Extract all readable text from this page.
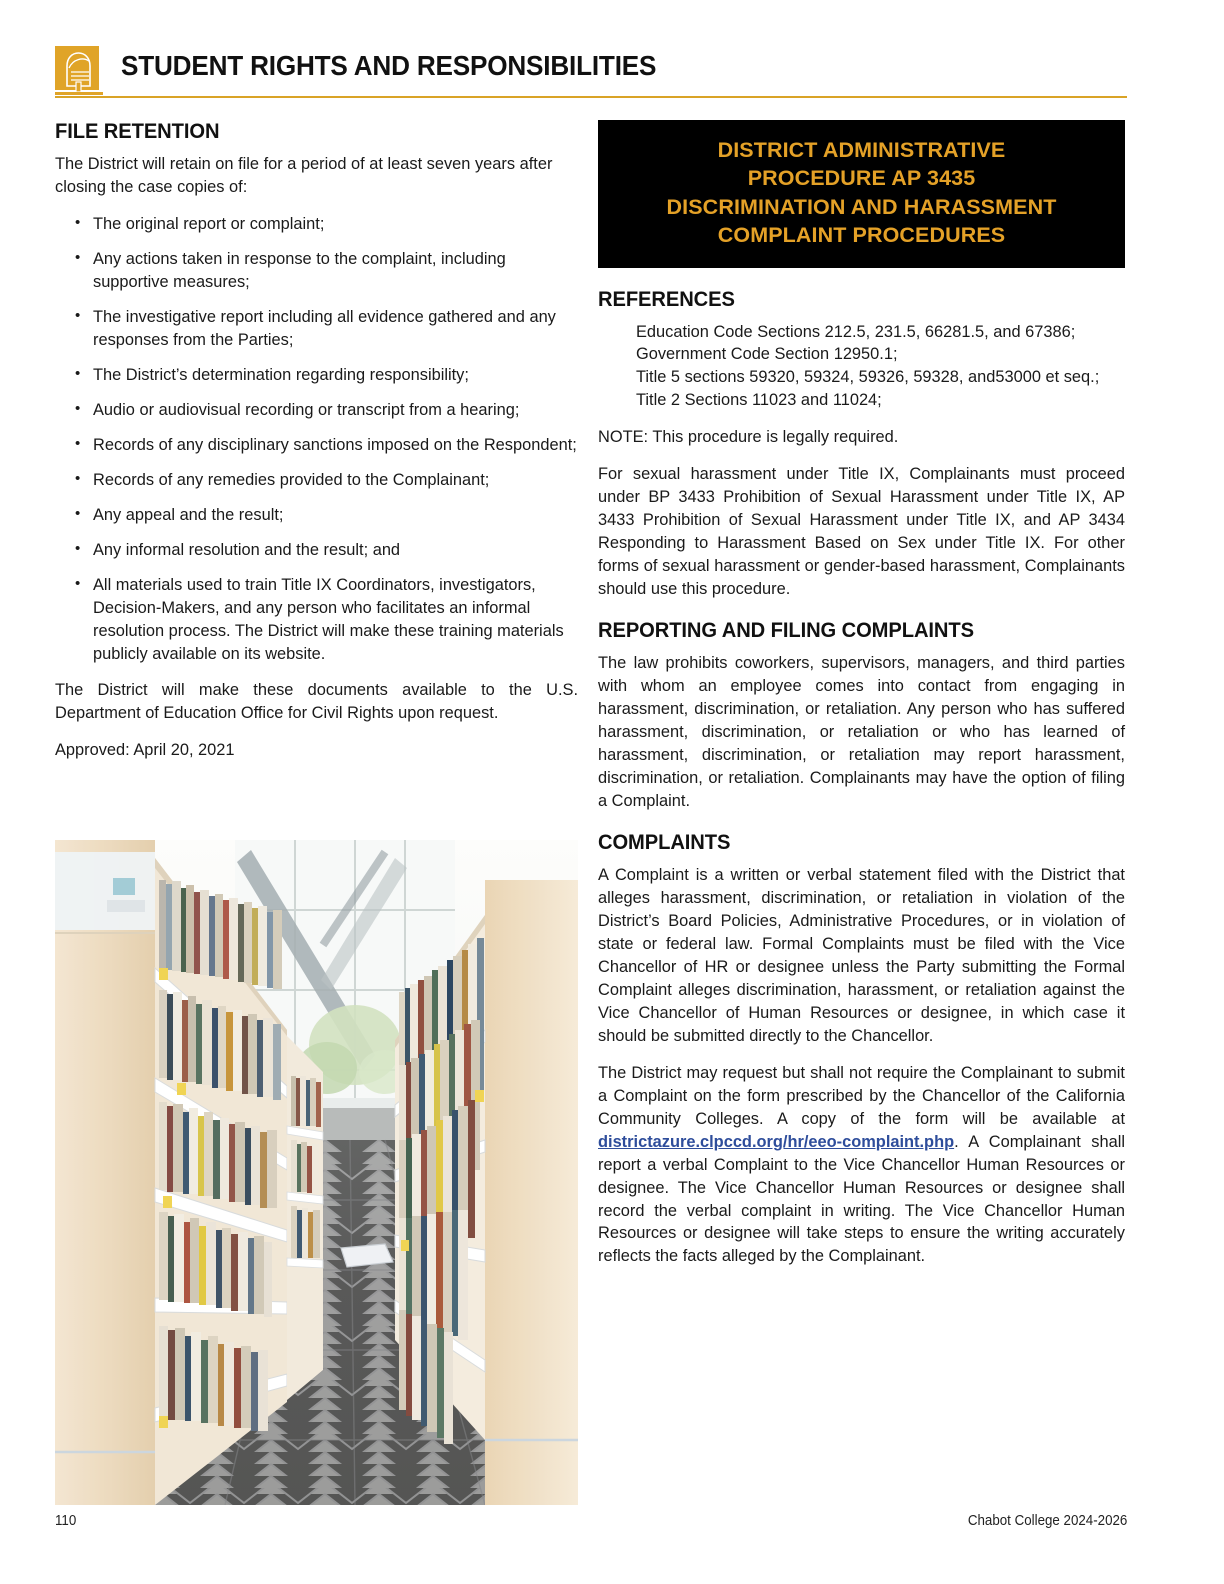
STUDENT RIGHTS AND RESPONSIBILITIES
FILE RETENTION

The District will retain on file for a period of at least seven years after closing the case copies of:

• The original report or complaint;
• Any actions taken in response to the complaint, including supportive measures;
• The investigative report including all evidence gathered and any responses from the Parties;
• The District’s determination regarding responsibility;
• Audio or audiovisual recording or transcript from a hearing;
• Records of any disciplinary sanctions imposed on the Respondent;
• Records of any remedies provided to the Complainant;
• Any appeal and the result;
• Any informal resolution and the result; and
• All materials used to train Title IX Coordinators, investigators, Decision-Makers, and any person who facilitates an informal resolution process. The District will make these training materials publicly available on its website.

The District will make these documents available to the U.S. Department of Education Office for Civil Rights upon request.

Approved: April 20, 2021

DISTRICT ADMINISTRATIVE
PROCEDURE AP 3435
DISCRIMINATION AND HARASSMENT
COMPLAINT PROCEDURES
REFERENCES
Education Code Sections 212.5, 231.5, 66281.5, and 67386;
Government Code Section 12950.1;
Title 5 sections 59320, 59324, 59326, 59328, and53000 et seq.;
Title 2 Sections 11023 and 11024;

NOTE: This procedure is legally required.

For sexual harassment under Title IX, Complainants must proceed under BP 3433 Prohibition of Sexual Harassment under Title IX, AP 3433 Prohibition of Sexual Harassment under Title IX, and AP 3434 Responding to Harassment Based on Sex under Title IX. For other forms of sexual harassment or gender-based harassment, Complainants should use this procedure.

REPORTING AND FILING COMPLAINTS

The law prohibits coworkers, supervisors, managers, and third parties with whom an employee comes into contact from engaging in harassment, discrimination, or retaliation. Any person who has suffered harassment, discrimination, or retaliation or who has learned of harassment, discrimination, or retaliation may report harassment, discrimination, or retaliation. Complainants may have the option of filing a Complaint.

COMPLAINTS

A Complaint is a written or verbal statement filed with the District that alleges harassment, discrimination, or retaliation in violation of the District’s Board Policies, Administrative Procedures, or in violation of state or federal law. Formal Complaints must be filed with the Vice Chancellor of HR or designee unless the Party submitting the Formal Complaint alleges discrimination, harassment, or retaliation against the Vice Chancellor of Human Resources or designee, in which case it should be submitted directly to the Chancellor.

The District may request but shall not require the Complainant to submit a Complaint on the form prescribed by the Chancellor of the California Community Colleges. A copy of the form will be available at districtazure.clpccd.org/hr/eeo-complaint.php. A Complainant shall report a verbal Complaint to the Vice Chancellor Human Resources or designee. The Vice Chancellor Human Resources or designee shall record the verbal complaint in writing. The Vice Chancellor Human Resources or designee will take steps to ensure the writing accurately reflects the facts alleged by the Complainant.

110	Chabot College 2024-2026
